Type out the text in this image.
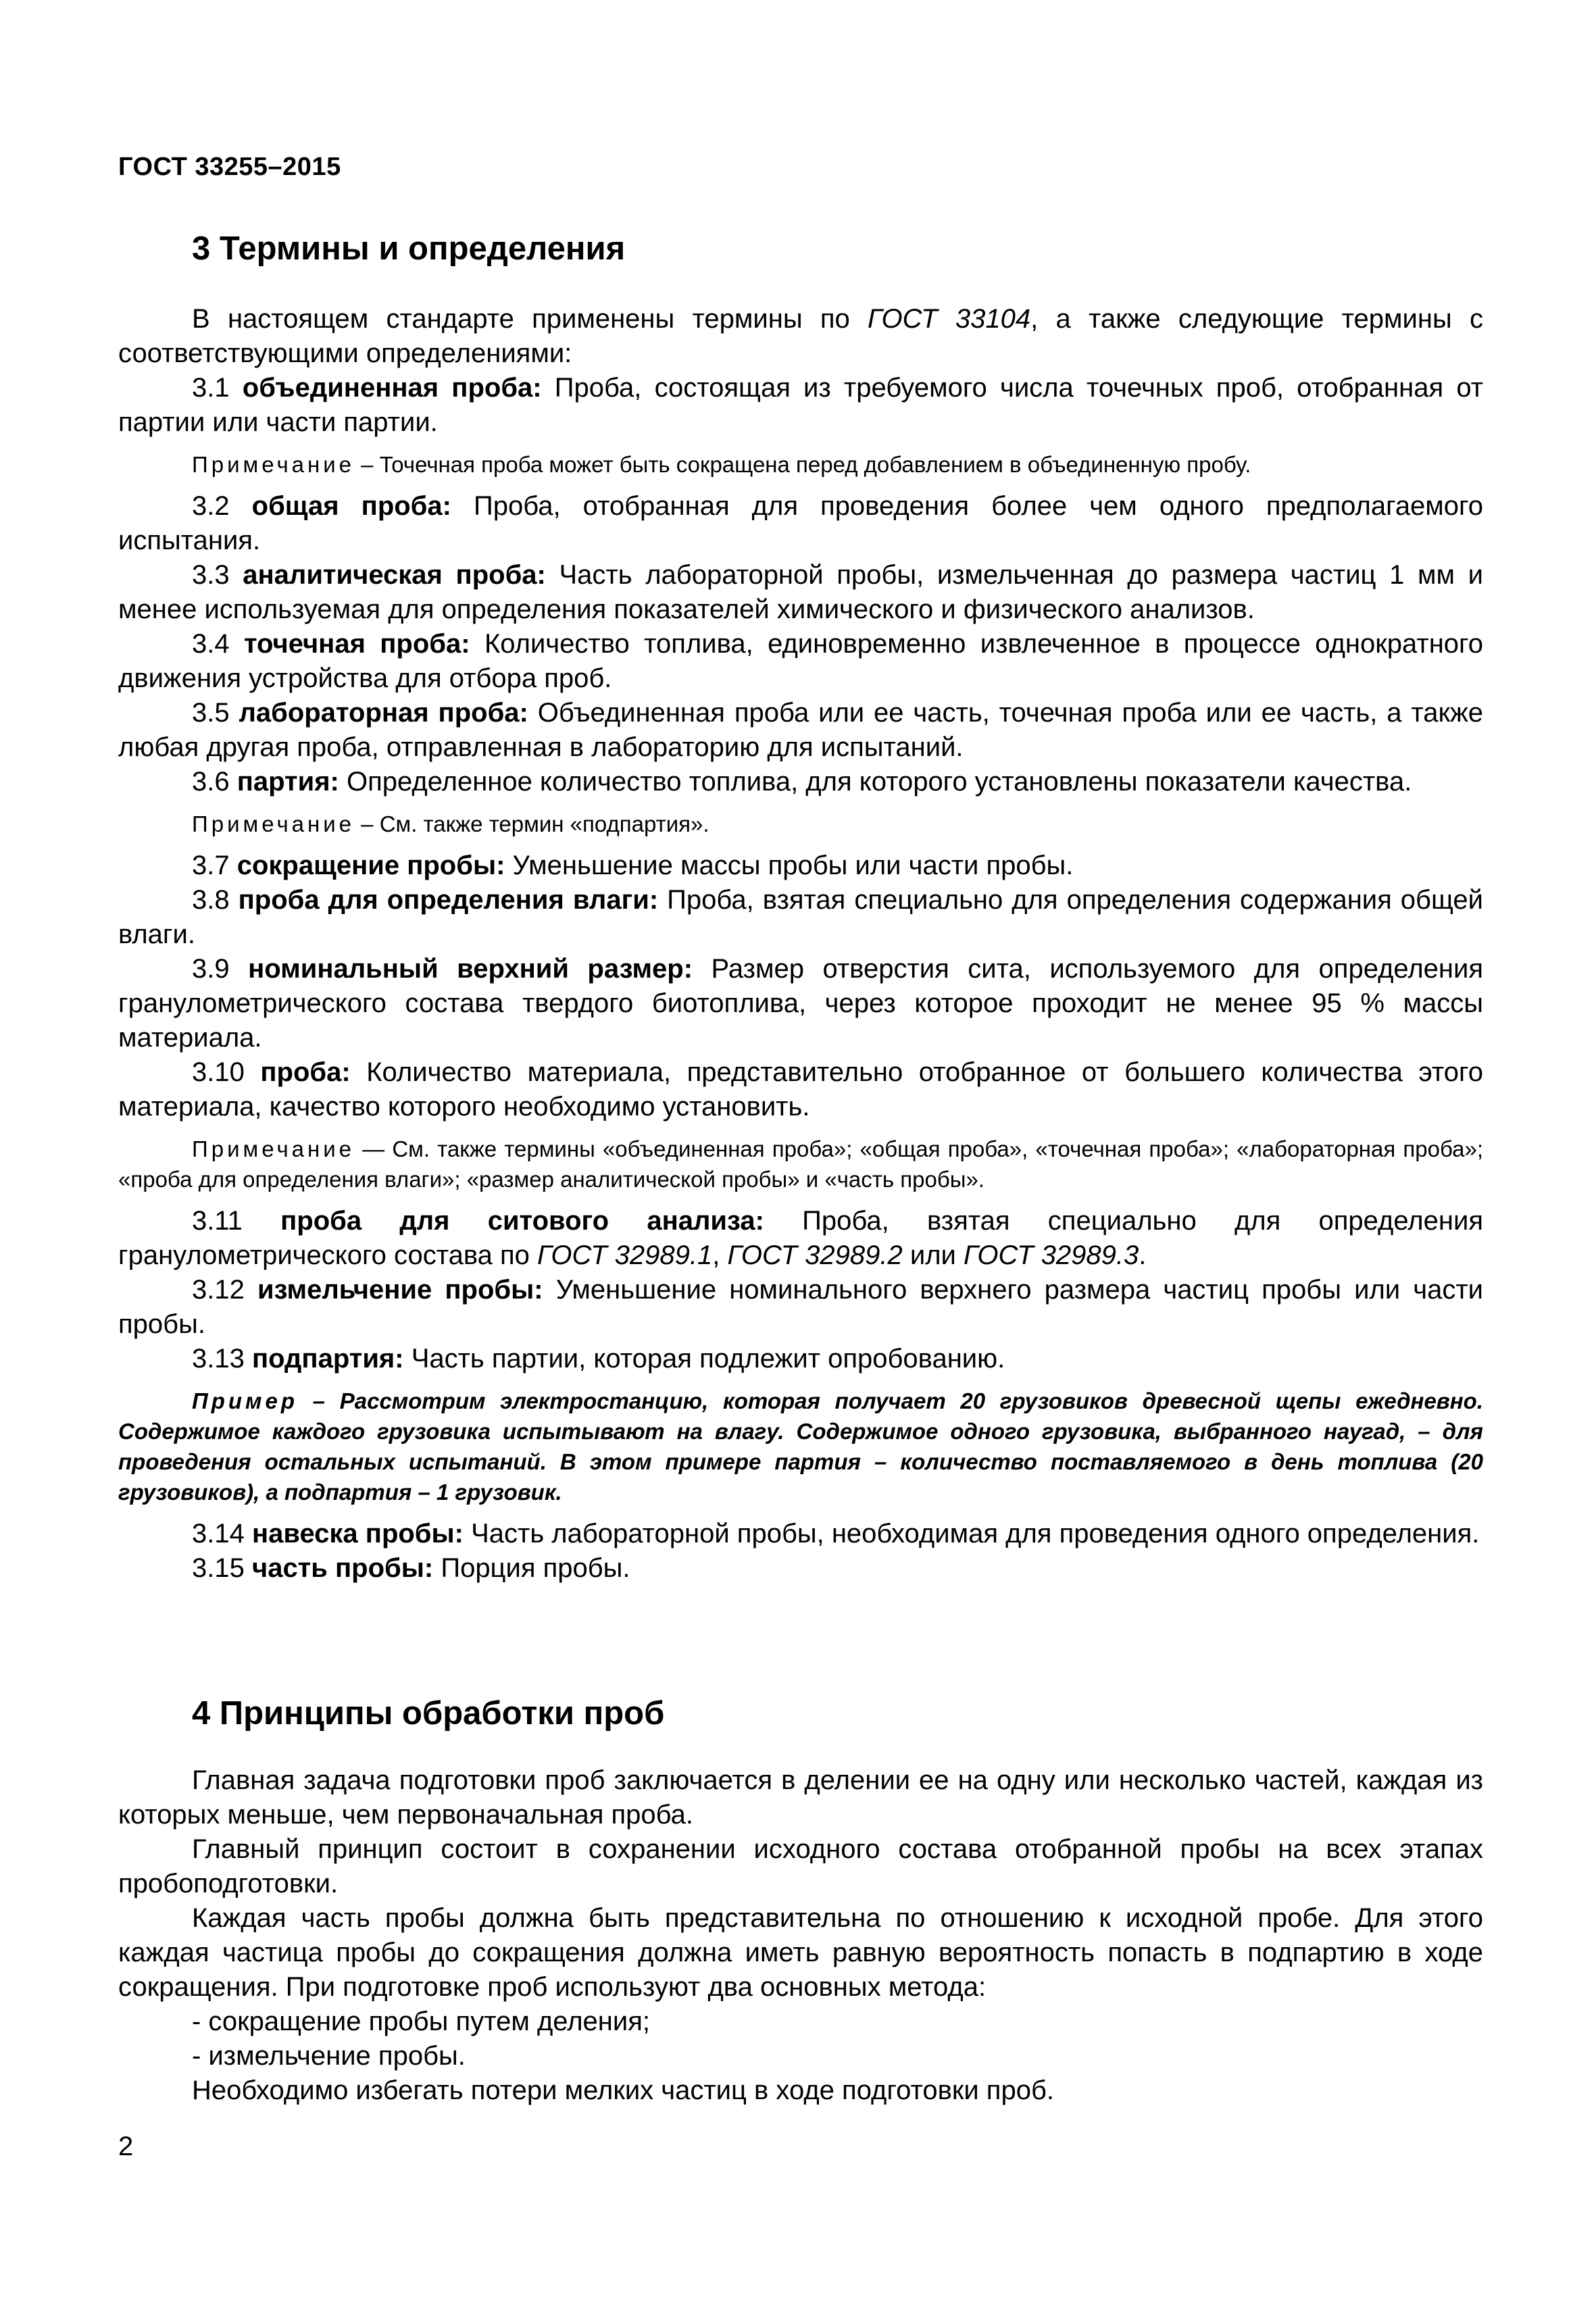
ГОСТ 33255–2015
3 Термины и определения

В настоящем стандарте применены термины по ГОСТ 33104, а также следующие термины с соответствующими определениями:

3.1 объединенная проба: Проба, состоящая из требуемого числа точечных проб, отобранная от партии или части партии.

Примечание – Точечная проба может быть сокращена перед добавлением в объединенную пробу.

3.2 общая проба: Проба, отобранная для проведения более чем одного предполагаемого испытания.

3.3 аналитическая проба: Часть лабораторной пробы, измельченная до размера частиц 1 мм и менее используемая для определения показателей химического и физического анализов.

3.4 точечная проба: Количество топлива, единовременно извлеченное в процессе однократного движения устройства для отбора проб.

3.5 лабораторная проба: Объединенная проба или ее часть, точечная проба или ее часть, а также любая другая проба, отправленная в лабораторию для испытаний.

3.6 партия: Определенное количество топлива, для которого установлены показатели качества.

Примечание – См. также термин «подпартия».

3.7 сокращение пробы: Уменьшение массы пробы или части пробы.

3.8 проба для определения влаги: Проба, взятая специально для определения содержания общей влаги.

3.9 номинальный верхний размер: Размер отверстия сита, используемого для определения гранулометрического состава твердого биотоплива, через которое проходит не менее 95 % массы материала.

3.10 проба: Количество материала, представительно отобранное от большего количества этого материала, качество которого необходимо установить.

Примечание — См. также термины «объединенная проба»; «общая проба», «точечная проба»; «лабораторная проба»; «проба для определения влаги»; «размер аналитической пробы» и «часть пробы».

3.11 проба для ситового анализа: Проба, взятая специально для определения гранулометрического состава по ГОСТ 32989.1, ГОСТ 32989.2 или ГОСТ 32989.3.

3.12 измельчение пробы: Уменьшение номинального верхнего размера частиц пробы или части пробы.

3.13 подпартия: Часть партии, которая подлежит опробованию.

Пример – Рассмотрим электростанцию, которая получает 20 грузовиков древесной щепы ежедневно. Содержимое каждого грузовика испытывают на влагу. Содержимое одного грузовика, выбранного наугад, – для проведения остальных испытаний. В этом примере партия – количество поставляемого в день топлива (20 грузовиков), а подпартия – 1 грузовик.

3.14 навеска пробы: Часть лабораторной пробы, необходимая для проведения одного определения.

3.15 часть пробы: Порция пробы.

4 Принципы обработки проб

Главная задача подготовки проб заключается в делении ее на одну или несколько частей, каждая из которых меньше, чем первоначальная проба.

Главный принцип состоит в сохранении исходного состава отобранной пробы на всех этапах пробоподготовки.

Каждая часть пробы должна быть представительна по отношению к исходной пробе. Для этого каждая частица пробы до сокращения должна иметь равную вероятность попасть в подпартию в ходе сокращения. При подготовке проб используют два основных метода:

- сокращение пробы путем деления;

- измельчение пробы.

Необходимо избегать потери мелких частиц в ходе подготовки проб.

2
